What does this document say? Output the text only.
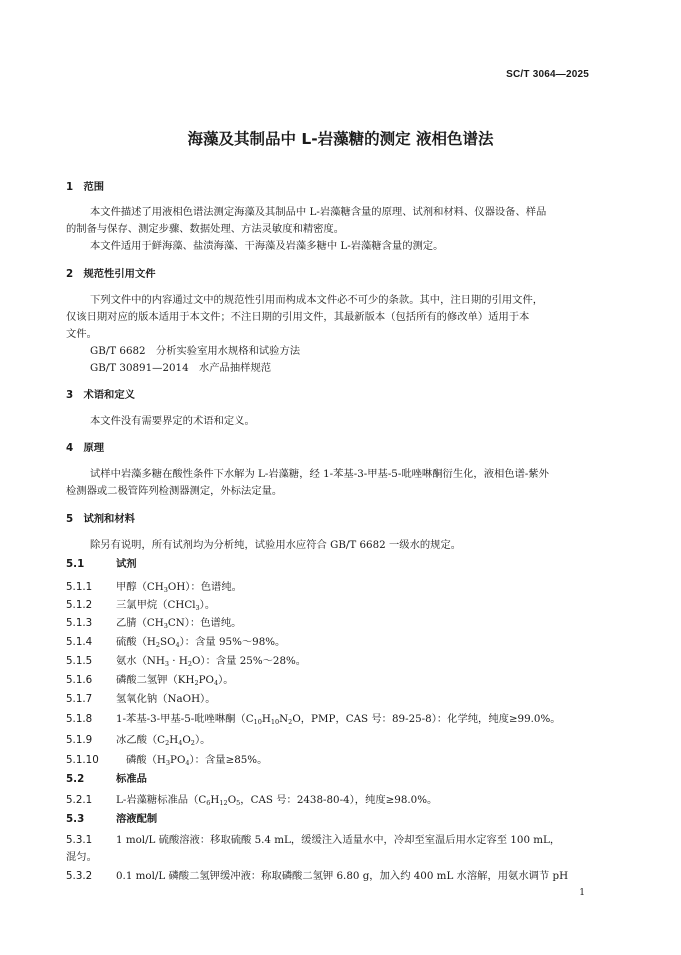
SC/T 3064—2025
海藻及其制品中 L-岩藻糖的测定 液相色谱法
1　范围
本文件描述了用液相色谱法测定海藻及其制品中 L-岩藻糖含量的原理、试剂和材料、仪器设备、样品
的制备与保存、测定步骤、数据处理、方法灵敏度和精密度。
本文件适用于鲜海藻、盐渍海藻、干海藻及岩藻多糖中 L-岩藻糖含量的测定。
2　规范性引用文件
下列文件中的内容通过文中的规范性引用而构成本文件必不可少的条款。其中，注日期的引用文件，
仅该日期对应的版本适用于本文件；不注日期的引用文件，其最新版本（包括所有的修改单）适用于本
文件。
GB/T 6682　分析实验室用水规格和试验方法
GB/T 30891—2014　水产品抽样规范
3　术语和定义
本文件没有需要界定的术语和定义。
4　原理
试样中岩藻多糖在酸性条件下水解为 L-岩藻糖，经 1-苯基-3-甲基-5-吡唑啉酮衍生化，液相色谱-紫外
检测器或二极管阵列检测器测定，外标法定量。
5　试剂和材料
除另有说明，所有试剂均为分析纯，试验用水应符合 GB/T 6682 一级水的规定。
5.1	试剂
5.1.1 甲醇$(CH_3OH)$：色谱纯。
5.1.2 三氯甲烷（CHCl$_3$）。
5.1.3 乙腈$(CH_3CN)$：色谱纯。
5.1.4 硫酸$(H_2SO_4)$：含量 95%～98%。
5.1.5 氨水$(NH_3 \cdot H_2O)$：含量 25%～28%。
5.1.6 磷酸二氢钾$(KH_2PO_4)$。
5.1.7 氢氧化钠（NaOH）。
5.1.8 1-苯基-3-甲基-5-吡唑啉酮（$C_{10}H_{10}N_2O$，PMP，CAS 号：89-25-8）：化学纯，纯度≥99.0%。
5.1.9 冰乙酸$(C_2H_4O_2)$。
5.1.10	磷酸$(H_3PO_4)$：含量≥85%。
5.2	标准品
5.2.1 L-岩藻糖标准品（$C_6H_{12}O_5$，CAS 号：2438-80-4），纯度≥98.0%。
5.3	溶液配制
5.3.1 1 mol/L 硫酸溶液：移取硫酸 5.4 mL，缓缓注入适量水中，冷却至室温后用水定容至 100 mL，
混匀。
5.3.2 0.1 mol/L 磷酸二氢钾缓冲液：称取磷酸二氢钾 6.80 g，加入约 400 mL 水溶解，用氨水调节 pH
1
